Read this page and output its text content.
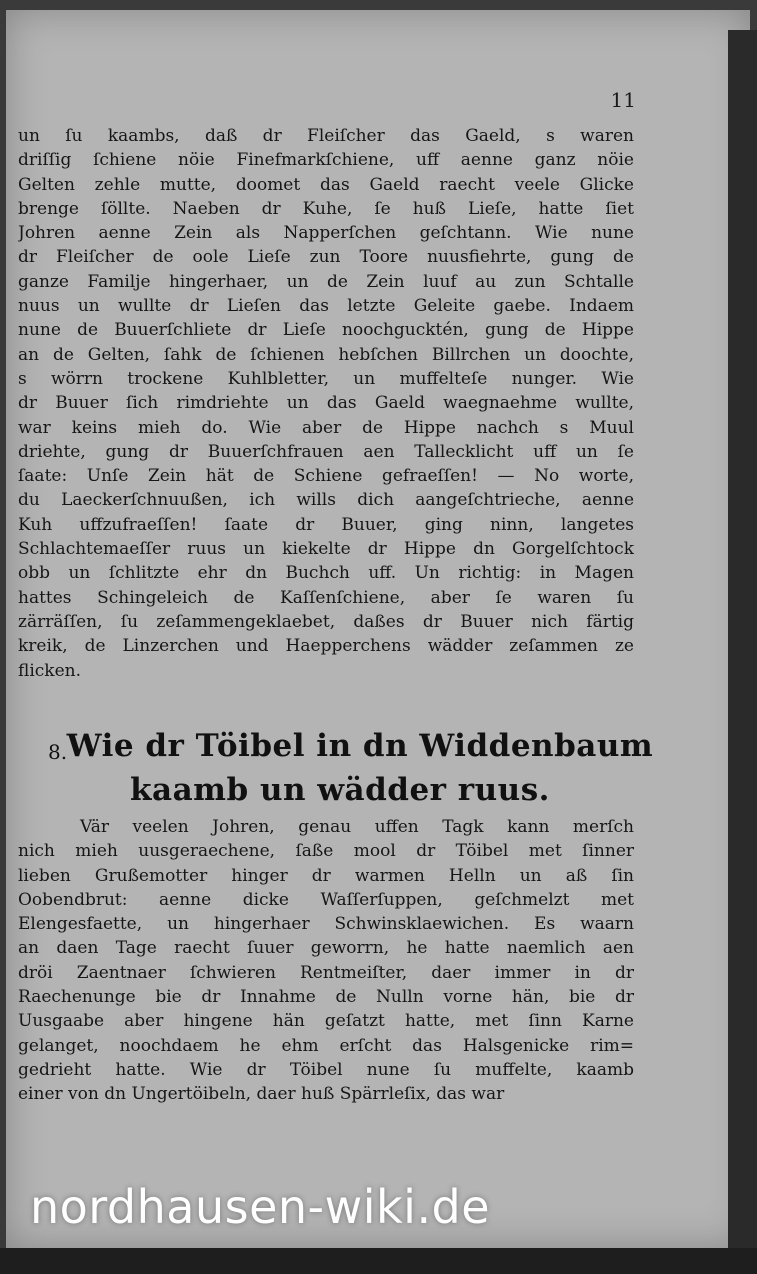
11
un ſu kaambs, daß dr Fleiſcher das Gaeld, s waren
driſſig ſchiene nöie Finefmarkſchiene, uff aenne ganz nöie
Gelten zehle mutte, doomet das Gaeld raecht veele Glicke
brenge ſöllte. Naeben dr Kuhe, ſe huß Lieſe, hatte ſiet
Johren aenne Zein als Napperſchen geſchtann. Wie nune
dr Fleiſcher de oole Lieſe zun Toore nuusfiehrte, gung de
ganze Familje hingerhaer, un de Zein luuf au zun Schtalle
nuus un wullte dr Lieſen das letzte Geleite gaebe. Indaem
nune de Buuerſchliete dr Lieſe noochgucktén, gung de Hippe
an de Gelten, ſahk de ſchienen hebſchen Billrchen un doochte,
s wörrn trockene Kuhlbletter, un muffelteſe nunger. Wie
dr Buuer ſich rimdriehte un das Gaeld waegnaehme wullte,
war keins mieh do. Wie aber de Hippe nachch s Muul
driehte, gung dr Buuerſchfrauen aen Tallecklicht uff un ſe
ſaate: Unſe Zein hät de Schiene gefraeſſen! — No worte,
du Laeckerſchnuußen, ich wills dich aangeſchtrieche, aenne
Kuh uffzufraeſſen! ſaate dr Buuer, ging ninn, langetes
Schlachtemaeſſer ruus un kiekelte dr Hippe dn Gorgelſchtock
obb un ſchlitzte ehr dn Buchch uff. Un richtig: in Magen
hattes Schingeleich de Kaſſenſchiene, aber ſe waren ſu
zärräſſen, ſu zeſammengeklaebet, daßes dr Buuer nich färtig
kreik, de Linzerchen und Haepperchens wädder zeſammen ze
flicken.
8. Wie dr Töibel in dn Widdenbaum
kaamb un wädder ruus.
Vär veelen Johren, genau uffen Tagk kann merſch
nich mieh uusgeraechene, ſaße mool dr Töibel met ſinner
lieben Grußemotter hinger dr warmen Helln un aß ſin
Oobendbrut: aenne dicke Waſſerſuppen, geſchmelzt met
Elengesfaette, un hingerhaer Schwinsklaewichen. Es waarn
an daen Tage raecht ſuuer geworrn, he hatte naemlich aen
dröi Zaentnaer ſchwieren Rentmeiſter, daer immer in dr
Raechenunge bie dr Innahme de Nulln vorne hän, bie dr
Uusgaabe aber hingene hän geſatzt hatte, met ſinn Karne
gelanget, noochdaem he ehm erſcht das Halsgenicke rim=
gedrieht hatte. Wie dr Töibel nune ſu muffelte, kaamb
einer von dn Ungertöibeln, daer huß Spärrleſix, das war
nordhausen-wiki.de
